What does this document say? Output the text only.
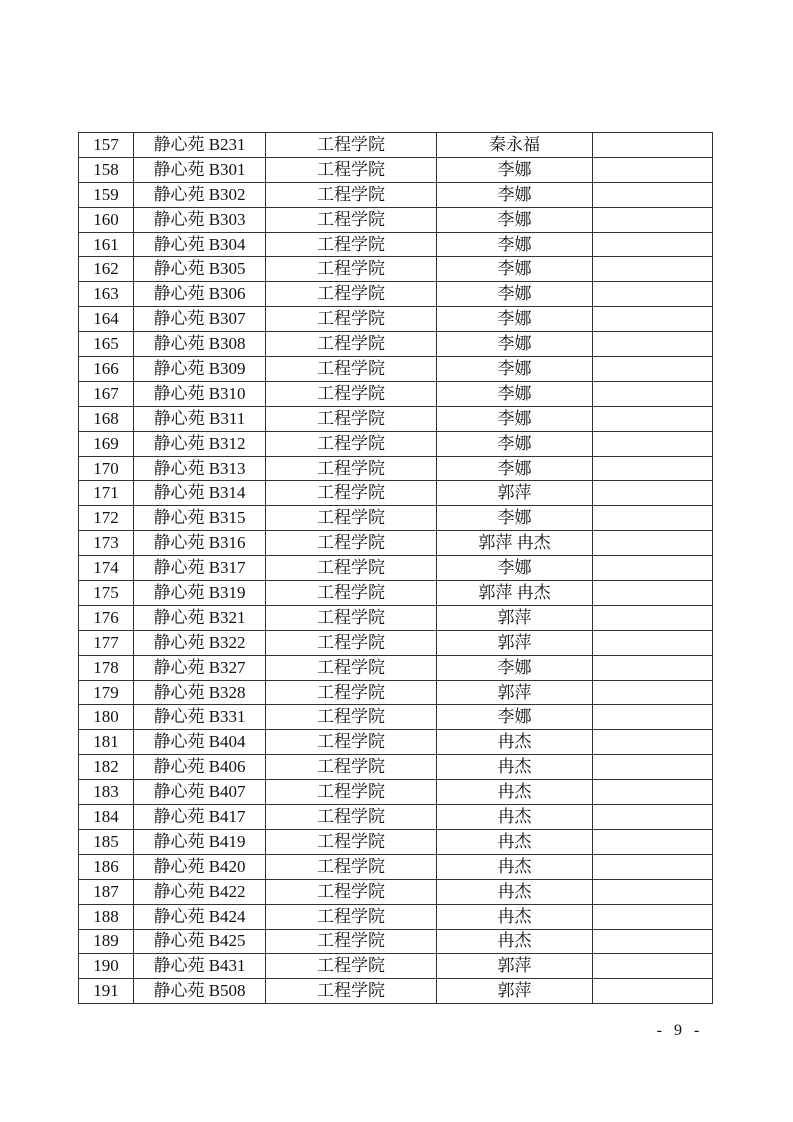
157	静心苑 B231	工程学院	秦永福	
158	静心苑 B301	工程学院	李娜	
159	静心苑 B302	工程学院	李娜	
160	静心苑 B303	工程学院	李娜	
161	静心苑 B304	工程学院	李娜	
162	静心苑 B305	工程学院	李娜	
163	静心苑 B306	工程学院	李娜	
164	静心苑 B307	工程学院	李娜	
165	静心苑 B308	工程学院	李娜	
166	静心苑 B309	工程学院	李娜	
167	静心苑 B310	工程学院	李娜	
168	静心苑 B311	工程学院	李娜	
169	静心苑 B312	工程学院	李娜	
170	静心苑 B313	工程学院	李娜	
171	静心苑 B314	工程学院	郭萍	
172	静心苑 B315	工程学院	李娜	
173	静心苑 B316	工程学院	郭萍 冉杰	
174	静心苑 B317	工程学院	李娜	
175	静心苑 B319	工程学院	郭萍 冉杰	
176	静心苑 B321	工程学院	郭萍	
177	静心苑 B322	工程学院	郭萍	
178	静心苑 B327	工程学院	李娜	
179	静心苑 B328	工程学院	郭萍	
180	静心苑 B331	工程学院	李娜	
181	静心苑 B404	工程学院	冉杰	
182	静心苑 B406	工程学院	冉杰	
183	静心苑 B407	工程学院	冉杰	
184	静心苑 B417	工程学院	冉杰	
185	静心苑 B419	工程学院	冉杰	
186	静心苑 B420	工程学院	冉杰	
187	静心苑 B422	工程学院	冉杰	
188	静心苑 B424	工程学院	冉杰	
189	静心苑 B425	工程学院	冉杰	
190	静心苑 B431	工程学院	郭萍	
191	静心苑 B508	工程学院	郭萍	
- 9 -
